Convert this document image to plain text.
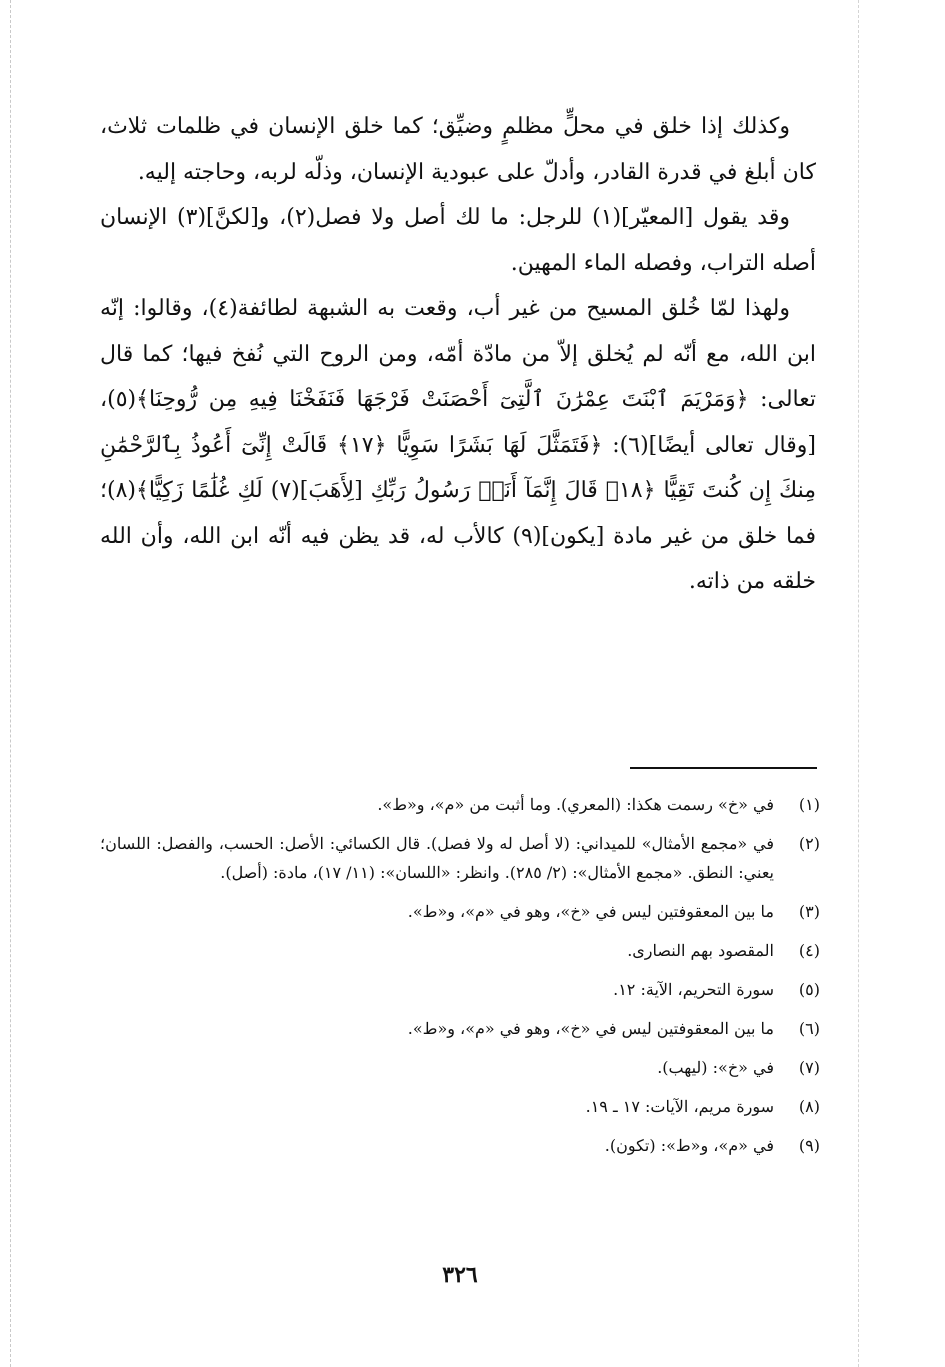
وكذلك إذا خلق في محلٍّ مظلمٍ وضيِّق؛ كما خلق الإنسان في ظلمات ثلاث، كان أبلغ في قدرة القادر، وأدلّ على عبودية الإنسان، وذلّه لربه، وحاجته إليه.

وقد يقول [المعيّر](١) للرجل: ما لك أصل ولا فصل(٢)، و[لكنَّ](٣) الإنسان أصله التراب، وفصله الماء المهين.

ولهذا لمّا خُلق المسيح من غير أب، وقعت به الشبهة لطائفة(٤)، وقالوا: إنّه ابن الله، مع أنّه لم يُخلق إلاّ من مادّة أمّه، ومن الروح التي نُفخ فيها؛ كما قال تعالى: ﴿وَمَرْيَمَ ٱبْنَتَ عِمْرَٰنَ ٱلَّتِىٓ أَحْصَنَتْ فَرْجَهَا فَنَفَخْنَا فِيهِ مِن رُّوحِنَا﴾(٥)، [وقال تعالى أيضًا](٦): ﴿فَتَمَثَّلَ لَهَا بَشَرًا سَوِيًّا ﴿١٧﴾ قَالَتْ إِنِّىٓ أَعُوذُ بِٱلرَّحْمَٰنِ مِنكَ إِن كُنتَ تَقِيًّا ﴿١٨﴾ قَالَ إِنَّمَآ أَنَا۠ رَسُولُ رَبِّكِ [لِأَهَبَ](٧) لَكِ غُلَٰمًا زَكِيًّا﴾(٨)؛ فما خلق من غير مادة [يكون](٩) كالأب له، قد يظن فيه أنّه ابن الله، وأن الله خلقه من ذاته.

(١)
في «خ» رسمت هكذا: (المعري). وما أثبت من «م»، و«ط».
(٢)
في «مجمع الأمثال» للميداني: (لا أصل له ولا فصل). قال الكسائي: الأصل: الحسب، والفصل: اللسان؛ يعني: النطق. «مجمع الأمثال»: (٢/ ٢٨٥). وانظر: «اللسان»: (١١/ ١٧)، مادة: (أصل).
(٣)
ما بين المعقوفتين ليس في «خ»، وهو في «م»، و«ط».
(٤)
المقصود بهم النصارى.
(٥)
سورة التحريم، الآية: ١٢.
(٦)
ما بين المعقوفتين ليس في «خ»، وهو في «م»، و«ط».
(٧)
في «خ»: (ليهب).
(٨)
سورة مريم، الآيات: ١٧ ـ ١٩.
(٩)
في «م»، و«ط»: (تكون).
٣٢٦
